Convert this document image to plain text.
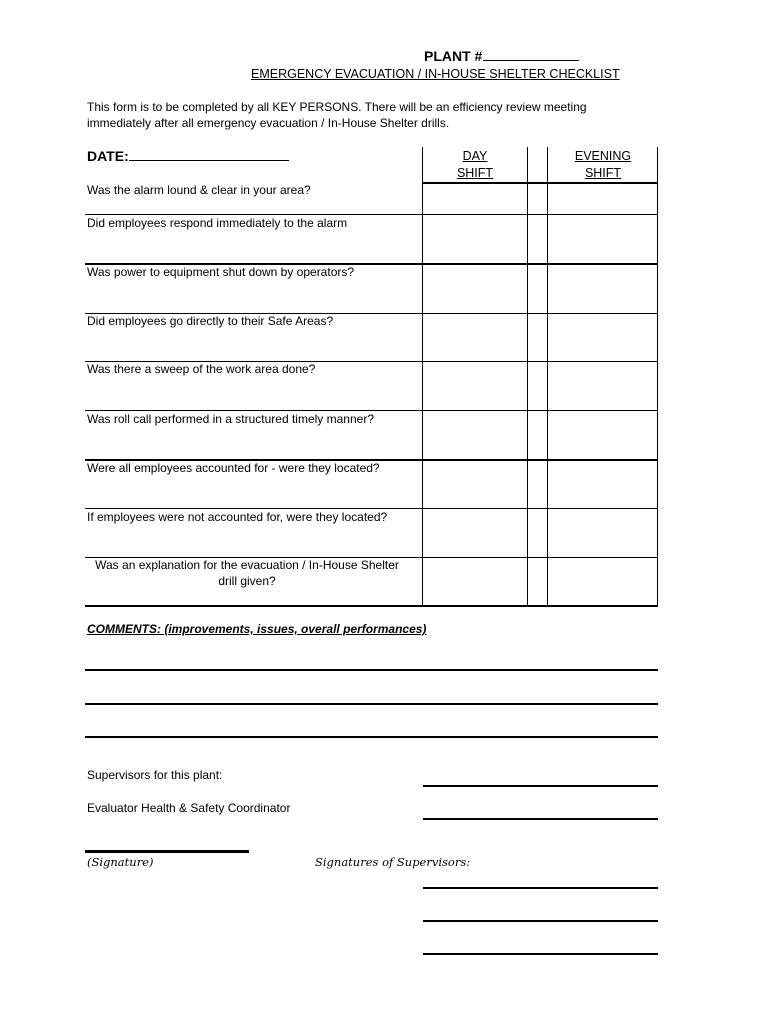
PLANT #
EMERGENCY EVACUATION / IN-HOUSE SHELTER CHECKLIST
This form is to be completed by all KEY PERSONS. There will be an efficiency review meeting immediately after all emergency evacuation / In-House Shelter drills.
DATE:	DAY
SHIFT
EVENING
SHIFT
Was the alarm lound & clear in your area?
Did employees respond immediately to the alarm
Was power to equipment shut down by operators?
Did employees go directly to their Safe Areas?
Was there a sweep of the work area done?
Was roll call performed in a structured timely manner?
Were all employees accounted for - were they located?
If employees were not accounted for, were they located?
Was an explanation for the evacuation / In-House Shelter drill given?
COMMENTS: (improvements, issues, overall performances)
Supervisors for this plant:
Evaluator Health & Safety Coordinator
(Signature)	Signatures of Supervisors:
